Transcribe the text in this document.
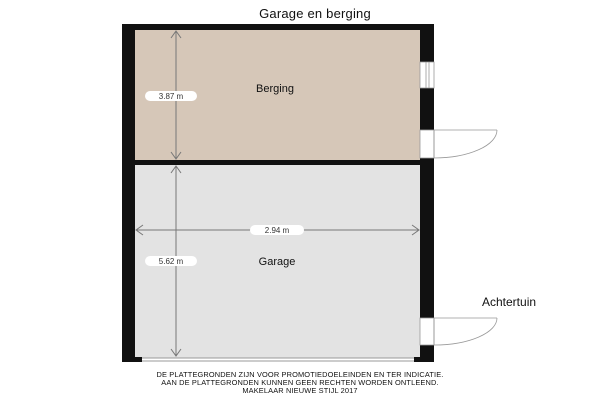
Garage en berging
3.87 m
5.62 m
2.94 m
Berging
Garage
Achtertuin
DE PLATTEGRONDEN ZIJN VOOR PROMOTIEDOELEINDEN EN TER INDICATIE.
AAN DE PLATTEGRONDEN KUNNEN GEEN RECHTEN WORDEN ONTLEEND.
MAKELAAR NIEUWE STIJL 2017
